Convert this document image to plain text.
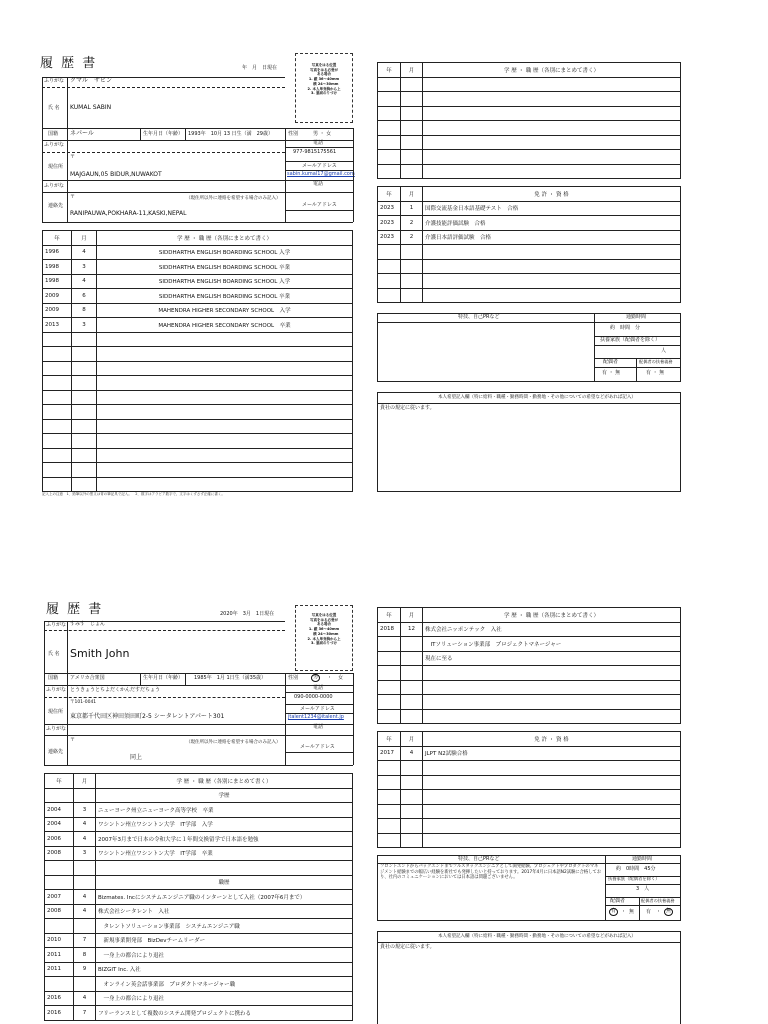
履 歴 書	年　月　日現在	写真をはる位置
写真をはる必要が
ある場合
1. 縦 36～40mm
　横 24～30mm
2. 本人単身胸から上
3. 裏面のりづけ
ふりがな クマル　サビン
氏 名 KUMAL SABIN
国籍 ネパール	生年月日（年齢） 1993年　10月 13 日生（満　29歳）	性別	男 ・ 女
ふりがな	電話
977-9815175561
〒
現住所	メールアドレス
MAJGAUN,05 BIDUR,NUWAKOT	sabin.kumal17@gmail.com
ふりがな	電話
〒	（現住所以外に連絡を希望する場合のみ記入）
メールアドレス
連絡先
RANIPAUWA,POKHARA-11,KASKI,NEPAL
年	月	学 歴 ・ 職 歴（各別にまとめて書く）
1996	4	SIDDHARTHA ENGLISH BOARDING SCHOOL 入学
1998	3	SIDDHARTHA ENGLISH BOARDING SCHOOL 卒業
1998	4	SIDDHARTHA ENGLISH BOARDING SCHOOL 入学
2009	6	SIDDHARTHA ENGLISH BOARDING SCHOOL 卒業
2009	8	MAHENDRA HIGHER SECONDARY SCHOOL　入学
2013	3	MAHENDRA HIGHER SECONDARY SCHOOL　卒業

記入上の注意　1．鉛筆以外の黒又は青の筆記具で記入。　2．数字はアラビア数字で、文字はくずさず正確に書く。
年	月	学 歴 ・ 職 歴（各別にまとめて書く）

年	月	免 許 ・ 資 格
2023	1	国際交流基金日本語基礎テスト　合格
2023	2	介護技能評価試験　合格
2023	2	介護日本語評価試験　合格

特技、自己PRなど	通勤時間
約　時間　分
扶養家族（配偶者を除く）
人
配偶者	配偶者の扶養義務
有 ・ 無	有 ・ 無
本人希望記入欄（特に給料・職種・勤務時間・勤務地・その他についての希望などがあれば記入）
貴社の規定に従います。
履 歴 書	2020年　3月　1日現在	写真をはる位置
写真をはる必要が
ある場合
1. 縦 36～40mm
　横 24～30mm
2. 本人単身胸から上
3. 裏面のりづけ
ふりがな すみす　じょん
氏 名 Smith John
国籍 アメリカ合衆国	生年月日（年齢） 1985年　1月 1日生（満35歳）	性別	男	・ 女
ふりがな とうきょうとちよだくかんだすだちょう	電話
090-0000-0000
〒101-0041
現住所	メールアドレス
東京都千代田区神田須田町2-5 シータレントアパート301	jtalent1234@italent.jp
ふりがな	電話
〒	（現住所以外に連絡を希望する場合のみ記入）
メールアドレス
連絡先
同上
年	月	学 歴 ・ 職 歴（各別にまとめて書く）
		学歴
2004	3	ニューヨーク州立ニューヨーク高等学校　卒業
2004	4	ワシントン州立ワシントン大学　IT学部　入学
2006	4	2007年3月まで日本の令和大学に１年間交換留学で日本語を勉強
2008	3	ワシントン州立ワシントン大学　IT学部　卒業

		職歴
2007	4	Bizmates. Incにシステムエンジニア職のインターンとして入社（2007年6月まで）
2008	4	株式会社シータレント　入社
		　タレントソリューション事業部　システムエンジニア職
2010	7	　新規事業開発部　BizDevチームリーダー
2011	8	　一身上の都合により退社
2011	9	BIZGIT Inc. 入社
		　オンライン英会話事業部　プロダクトマネージャー職
2016	4	　一身上の都合により退社
2016	7	フリーランスとして複数のシステム開発プロジェクトに携わる
年	月	学 歴 ・ 職 歴（各別にまとめて書く）
2018	12	株式会社ニッポンテック　入社
		　ITソリューション事業部　プロジェクトマネージャー
		現在に至る

年	月	免 許 ・ 資 格
2017	4	JLPT N2試験合格

特技、自己PRなど
フロントエンドからバックエンドまでフルスタックエンジニアとして開発経験。プロジェクトやプロダクトのマネジメント経験までの幅広い経験を新社でも発揮したいと持っております。2017年4月に日本語N2試験に合格しており、社内のコミュニケーションにおいては日本語は問題ございません。
通勤時間
約　0時間　45分
扶養家族（配偶者を除く）
3　人
配偶者	配偶者の扶養義務
有 ・ 無 有 ・ 無
本人希望記入欄（特に給料・職種・勤務時間・勤務地・その他についての希望などがあれば記入）
貴社の規定に従います。
